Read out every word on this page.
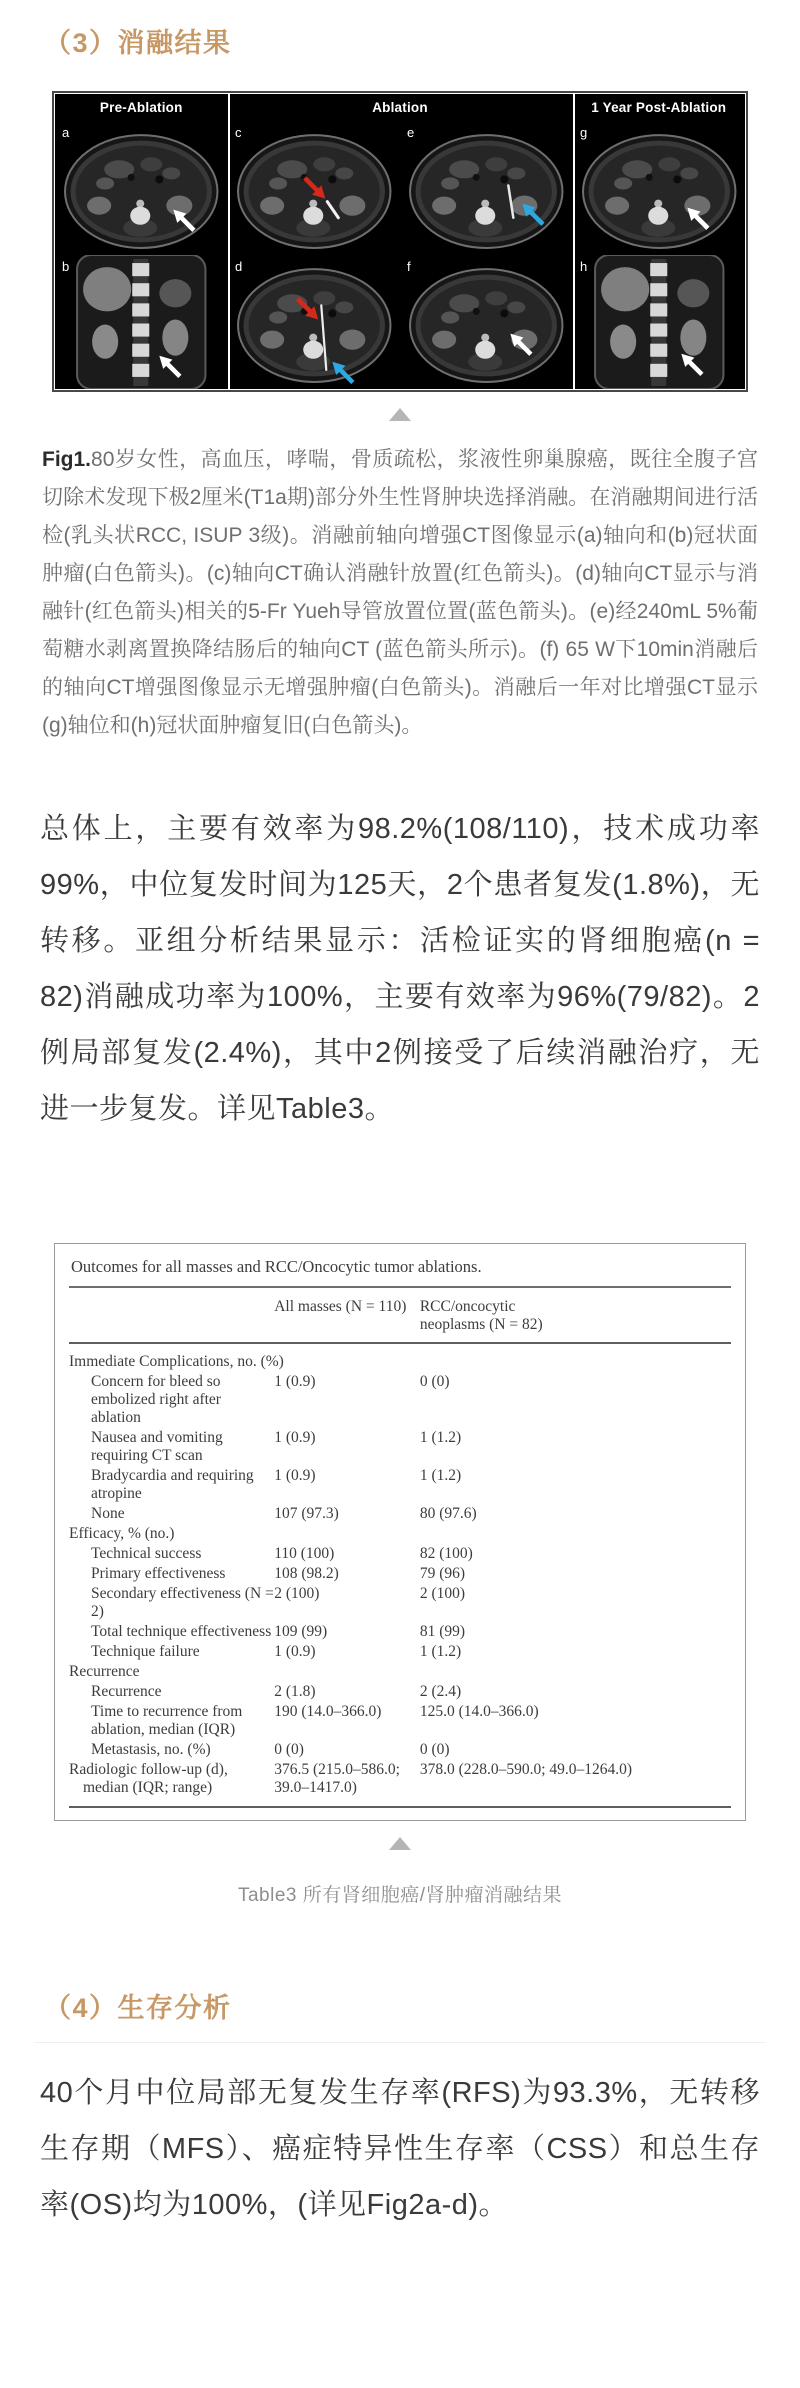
（3）消融结果
Pre-Ablation	Ablation	1 Year Post-Ablation
a	c	e	g
b	d	f	h

Fig1.80岁女性，高血压，哮喘，骨质疏松，浆液性卵巢腺癌，既往全腹子宫切除术发现下极2厘米(T1a期)部分外生性肾肿块选择消融。在消融期间进行活检(乳头状RCC, ISUP 3级)。消融前轴向增强CT图像显示(a)轴向和(b)冠状面肿瘤(白色箭头)。(c)轴向CT确认消融针放置(红色箭头)。(d)轴向CT显示与消融针(红色箭头)相关的5-Fr Yueh导管放置位置(蓝色箭头)。(e)经240mL 5%葡萄糖水剥离置换降结肠后的轴向CT (蓝色箭头所示)。(f) 65 W下10min消融后的轴向CT增强图像显示无增强肿瘤(白色箭头)。消融后一年对比增强CT显示(g)轴位和(h)冠状面肿瘤复旧(白色箭头)。

总体上，主要有效率为98.2%(108/110)，技术成功率99%，中位复发时间为125天，2个患者复发(1.8%)，无转移。亚组分析结果显示：活检证实的肾细胞癌(n = 82)消融成功率为100%，主要有效率为96%(79/82)。2例局部复发(2.4%)，其中2例接受了后续消融治疗，无进一步复发。详见Table3。

Outcomes for all masses and RCC/Oncocytic tumor ablations.
	All masses (N = 110)	RCC/oncocytic neoplasms (N = 82)
Immediate Complications, no. (%)		
Concern for bleed so embolized right after ablation	1 (0.9)	0 (0)
Nausea and vomiting requiring CT scan	1 (0.9)	1 (1.2)
Bradycardia and requiring atropine	1 (0.9)	1 (1.2)
None	107 (97.3)	80 (97.6)
Efficacy, % (no.)		
Technical success	110 (100)	82 (100)
Primary effectiveness	108 (98.2)	79 (96)
Secondary effectiveness (N = 2)	2 (100)	2 (100)
Total technique effectiveness	109 (99)	81 (99)
Technique failure	1 (0.9)	1 (1.2)
Recurrence		
Recurrence	2 (1.8)	2 (2.4)
Time to recurrence from ablation, median (IQR)	190 (14.0–366.0)	125.0 (14.0–366.0)
Metastasis, no. (%)	0 (0)	0 (0)
Radiologic follow-up (d), median (IQR; range)	376.5 (215.0–586.0; 39.0–1417.0)	378.0 (228.0–590.0; 49.0–1264.0)
Table3 所有肾细胞癌/肾肿瘤消融结果
（4）生存分析

40个月中位局部无复发生存率(RFS)为93.3%，无转移生存期（MFS）、癌症特异性生存率（CSS）和总生存率(OS)均为100%，(详见Fig2a-d)。
